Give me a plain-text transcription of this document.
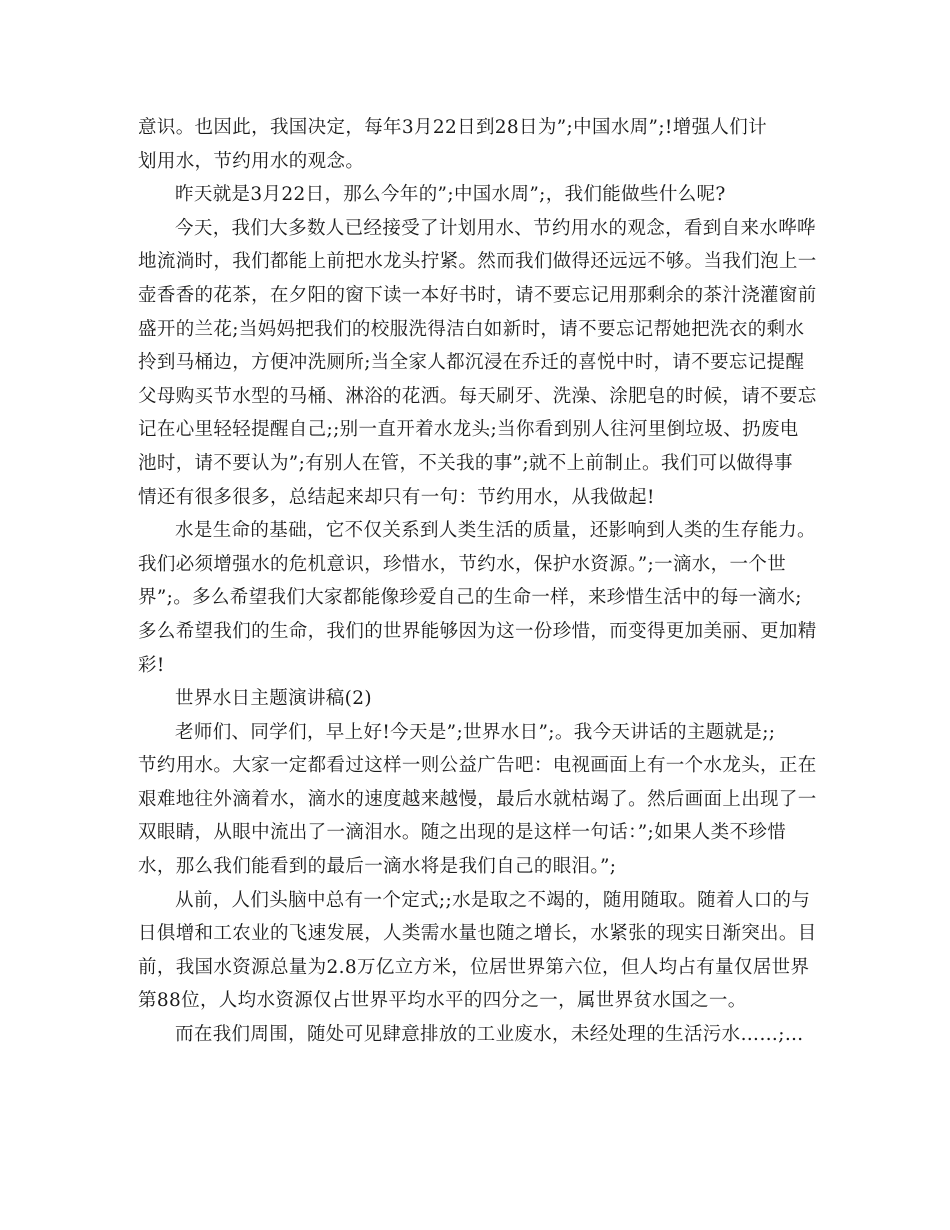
意识。也因此，我国决定，每年3月22日到28日为”;中国水周”;!增强人们计
划用水，节约用水的观念。
昨天就是3月22日，那么今年的”;中国水周”;，我们能做些什么呢?
今天，我们大多数人已经接受了计划用水、节约用水的观念，看到自来水哗哗
地流淌时，我们都能上前把水龙头拧紧。然而我们做得还远远不够。当我们泡上一
壶香香的花茶，在夕阳的窗下读一本好书时，请不要忘记用那剩余的茶汁浇灌窗前
盛开的兰花;当妈妈把我们的校服洗得洁白如新时，请不要忘记帮她把洗衣的剩水
拎到马桶边，方便冲洗厕所;当全家人都沉浸在乔迁的喜悦中时，请不要忘记提醒
父母购买节水型的马桶、淋浴的花洒。每天刷牙、洗澡、涂肥皂的时候，请不要忘
记在心里轻轻提醒自己;;别一直开着水龙头;当你看到别人往河里倒垃圾、扔废电
池时，请不要认为”;有别人在管，不关我的事”;就不上前制止。我们可以做得事
情还有很多很多，总结起来却只有一句：节约用水，从我做起!
水是生命的基础，它不仅关系到人类生活的质量，还影响到人类的生存能力。
我们必须增强水的危机意识，珍惜水，节约水，保护水资源。”;一滴水，一个世
界”;。多么希望我们大家都能像珍爱自己的生命一样，来珍惜生活中的每一滴水;
多么希望我们的生命，我们的世界能够因为这一份珍惜，而变得更加美丽、更加精
彩!
世界水日主题演讲稿(2)
老师们、同学们，早上好!今天是”;世界水日”;。我今天讲话的主题就是;;
节约用水。大家一定都看过这样一则公益广告吧：电视画面上有一个水龙头，正在
艰难地往外滴着水，滴水的速度越来越慢，最后水就枯竭了。然后画面上出现了一
双眼睛，从眼中流出了一滴泪水。随之出现的是这样一句话：”;如果人类不珍惜
水，那么我们能看到的最后一滴水将是我们自己的眼泪。”;
从前，人们头脑中总有一个定式;;水是取之不竭的，随用随取。随着人口的与
日俱增和工农业的飞速发展，人类需水量也随之增长，水紧张的现实日渐突出。目
前，我国水资源总量为2.8万亿立方米，位居世界第六位，但人均占有量仅居世界
第88位，人均水资源仅占世界平均水平的四分之一，属世界贫水国之一。
而在我们周围，随处可见肆意排放的工业废水，未经处理的生活污水……;…
